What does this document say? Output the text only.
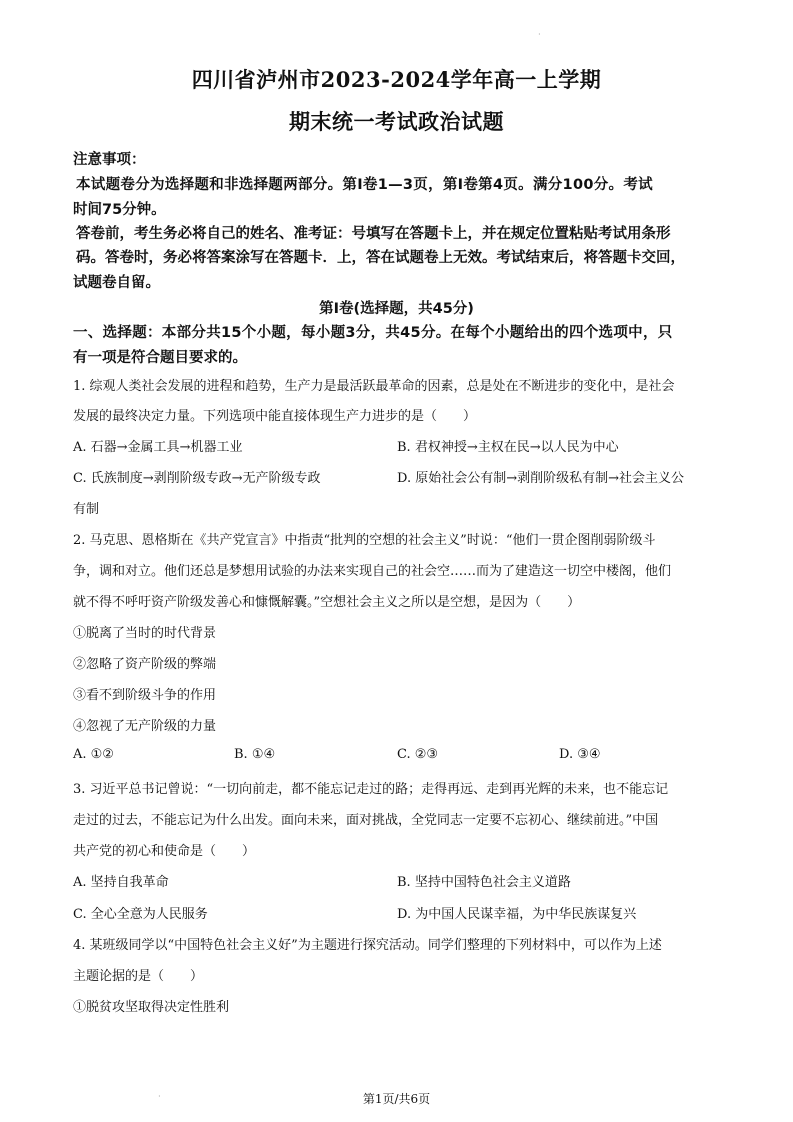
·
四川省泸州市2023-2024学年高一上学期
期末统一考试政治试题
注意事项：
本试题卷分为选择题和非选择题两部分。第Ⅰ卷1—3页，第Ⅰ卷第4页。满分100分。考试
时间75分钟。
答卷前，考生务必将自己的姓名、准考证：号填写在答题卡上，并在规定位置粘贴考试用条形
码。答卷时，务必将答案涂写在答题卡．上，答在试题卷上无效。考试结束后，将答题卡交回，
试题卷自留。
第Ⅰ卷(选择题，共45分)
一、选择题：本部分共15个小题，每小题3分，共45分。在每个小题给出的四个选项中，只
有一项是符合题目要求的。
1. 综观人类社会发展的进程和趋势，生产力是最活跃最革命的因素，总是处在不断进步的变化中，是社会
发展的最终决定力量。下列选项中能直接体现生产力进步的是（　　）
A. 石器→金属工具→机器工业	B. 君权神授→主权在民→以人民为中心
C. 氏族制度→剥削阶级专政→无产阶级专政	D. 原始社会公有制→剥削阶级私有制→社会主义公
有制
2. 马克思、恩格斯在《共产党宣言》中指责“批判的空想的社会主义”时说：“他们一贯企图削弱阶级斗
争，调和对立。他们还总是梦想用试验的办法来实现自己的社会空……而为了建造这一切空中楼阁，他们
就不得不呼吁资产阶级发善心和慷慨解囊。”空想社会主义之所以是空想，是因为（　　）
①脱离了当时的时代背景
②忽略了资产阶级的弊端
③看不到阶级斗争的作用
④忽视了无产阶级的力量
A. ①②	B. ①④	C. ②③	D. ③④
3. 习近平总书记曾说：“一切向前走，都不能忘记走过的路；走得再远、走到再光辉的未来，也不能忘记
走过的过去，不能忘记为什么出发。面向未来，面对挑战，全党同志一定要不忘初心、继续前进。”中国
共产党的初心和使命是（　　）
A. 坚持自我革命	B. 坚持中国特色社会主义道路
C. 全心全意为人民服务	D. 为中国人民谋幸福，为中华民族谋复兴
4. 某班级同学以“中国特色社会主义好”为主题进行探究活动。同学们整理的下列材料中，可以作为上述
主题论据的是（　　）
①脱贫攻坚取得决定性胜利
·	第1页/共6页
